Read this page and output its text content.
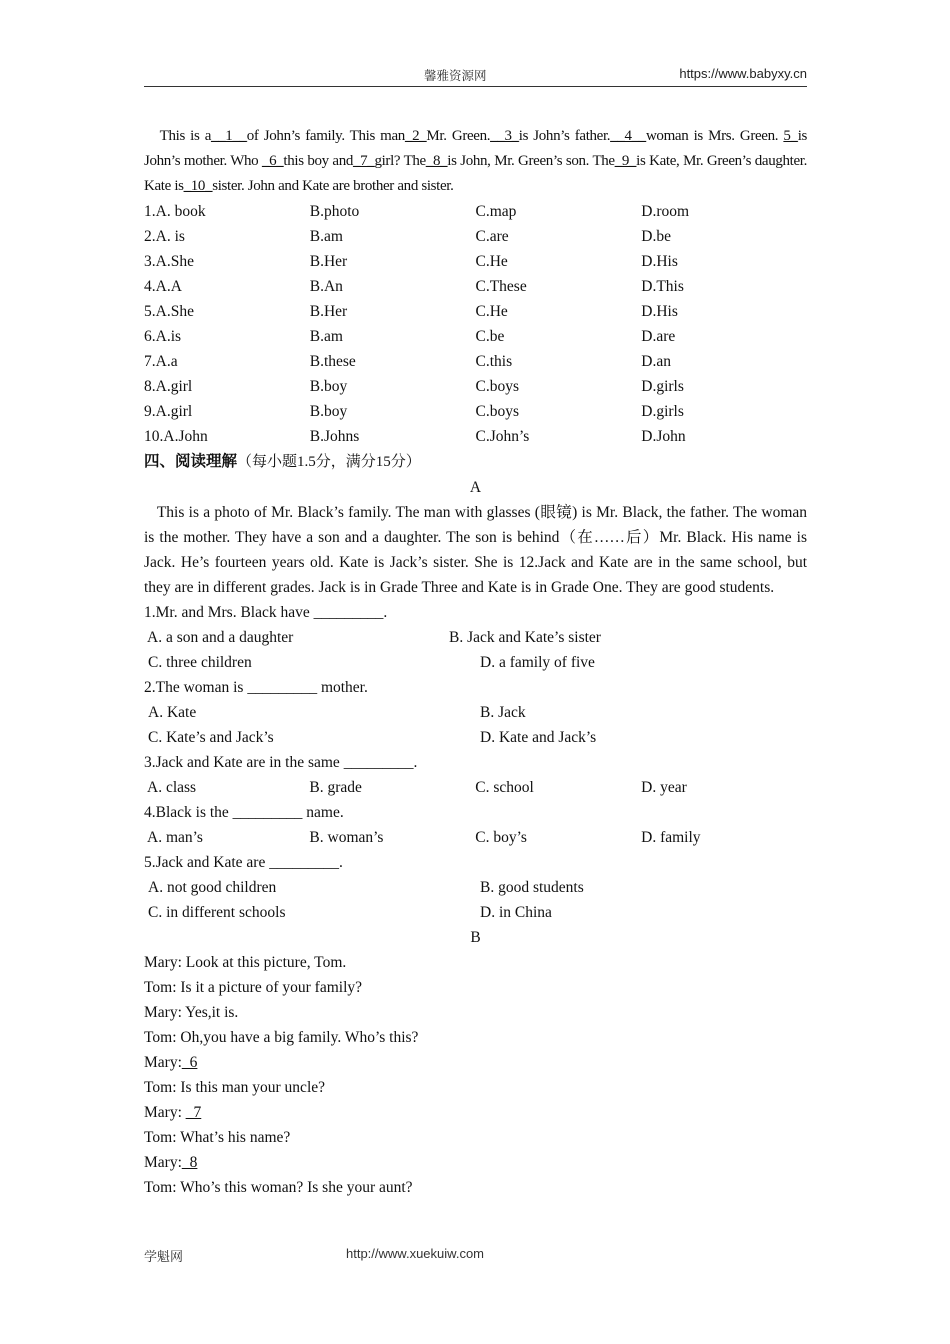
馨雅资源网	https://www.babyxy.cn
This is a__1__of John’s family. This man_2_Mr. Green.__3_is John’s father.__4__woman is Mrs. Green. 5_is John’s mother. Who _6_this boy and_7_girl? The_8_is John, Mr. Green’s son. The_9_is Kate, Mr. Green’s daughter. Kate is_10_sister. John and Kate are brother and sister.
1.A. book	B.photo	C.map	D.room
2.A. is	B.am	C.are	D.be
3.A.She	B.Her	C.He	D.His
4.A.A	B.An	C.These	D.This
5.A.She	B.Her	C.He	D.His
6.A.is	B.am	C.be	D.are
7.A.a	B.these	C.this	D.an
8.A.girl	B.boy	C.boys	D.girls
9.A.girl	B.boy	C.boys	D.girls
10.A.John	B.Johns	C.John’s	D.John
四、阅读理解（每小题1.5分，满分15分）
A
This is a photo of Mr. Black’s family. The man with glasses (眼镜) is Mr. Black, the father. The woman is the mother. They have a son and a daughter. The son is behind（在……后）Mr. Black. His name is Jack. He’s fourteen years old. Kate is Jack’s sister. She is 12.Jack and Kate are in the same school, but they are in different grades. Jack is in Grade Three and Kate is in Grade One. They are good students.
1.Mr. and Mrs. Black have _________.
A. a son and a daughter	B. Jack and Kate’s sister
C. three children	D. a family of five
2.The woman is _________ mother.
A. Kate	B. Jack
C. Kate’s and Jack’s	D. Kate and Jack’s
3.Jack and Kate are in the same _________.
A. class	B. grade	C. school	D. year
4.Black is the _________ name.
A. man’s	B. woman’s	C. boy’s	D. family
5.Jack and Kate are _________.
A. not good children	B. good students
C. in different schools	D. in China
B
Mary: Look at this picture, Tom.
Tom: Is it a picture of your family?
Mary: Yes,it is.
Tom: Oh,you have a big family. Who’s this?
Mary:_6
Tom: Is this man your uncle?
Mary: _7
Tom: What’s his name?
Mary:_8
Tom: Who’s this woman? Is she your aunt?
学魁网	http://www.xuekuiw.com
